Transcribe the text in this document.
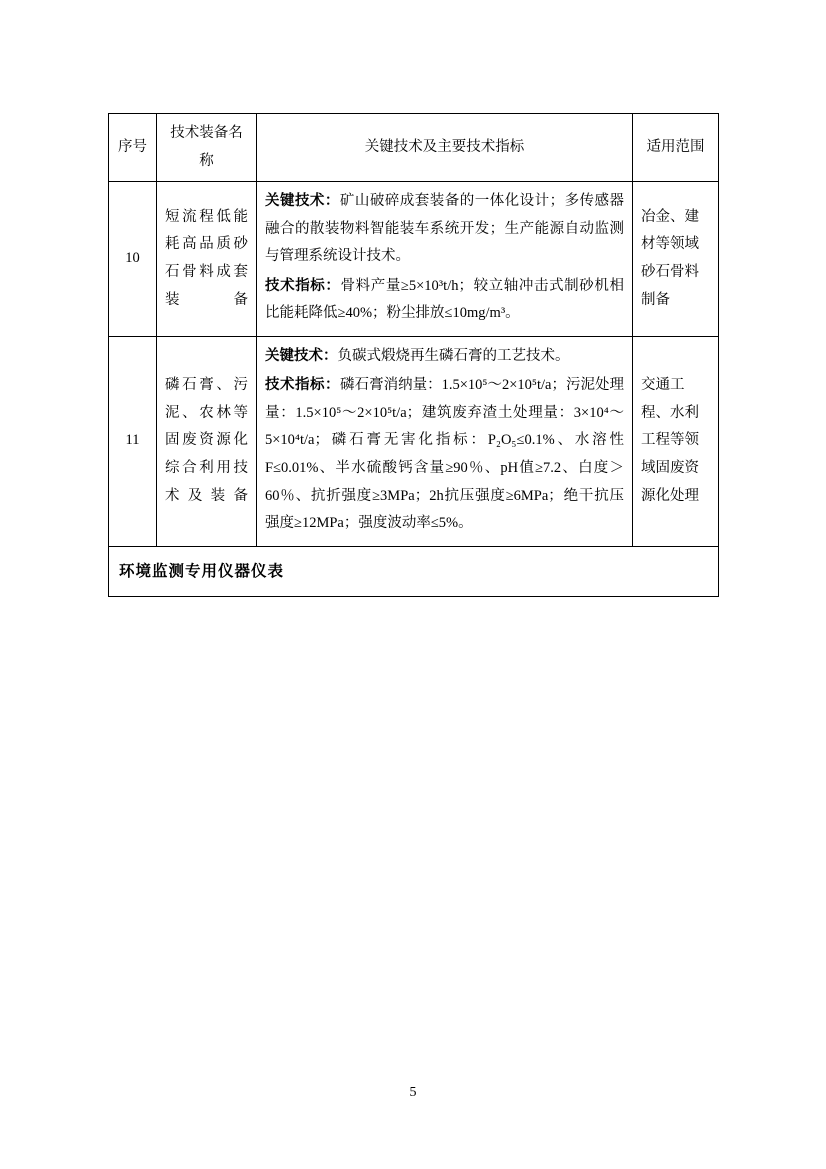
序号	技术装备名称	关键技术及主要技术指标	适用范围
10	短流程低能耗高品质砂石骨料成套装备	关键技术：矿山破碎成套装备的一体化设计；多传感器融合的散装物料智能装车系统开发；生产能源自动监测与管理系统设计技术。

技术指标：骨料产量≥5×10³t/h；较立轴冲击式制砂机相比能耗降低≥40%；粉尘排放≤10mg/m³。	冶金、建材等领域砂石骨料制备
11	磷石膏、污泥、农林等固废资源化综合利用技术及装备	关键技术：负碳式煅烧再生磷石膏的工艺技术。

技术指标：磷石膏消纳量：1.5×10⁵～2×10⁵t/a；污泥处理量：1.5×10⁵～2×10⁵t/a；建筑废弃渣土处理量：3×10⁴～5×10⁴t/a；磷石膏无害化指标：P₂O₅≤0.1%、水溶性F≤0.01%、半水硫酸钙含量≥90％、pH值≥7.2、白度＞60％、抗折强度≥3MPa；2h抗压强度≥6MPa；绝干抗压强度≥12MPa；强度波动率≤5%。	交通工程、水利工程等领域固废资源化处理
环境监测专用仪器仪表			
5
